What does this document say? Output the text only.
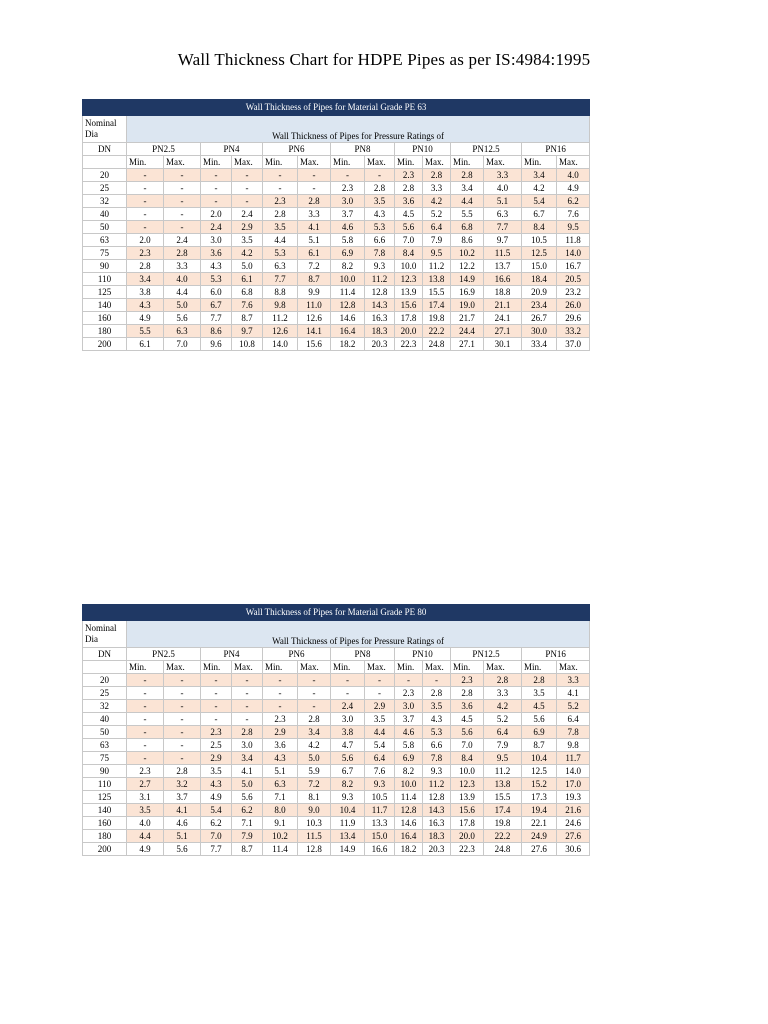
Wall Thickness Chart for HDPE Pipes as per IS:4984:1995
Wall Thickness of Pipes for Material Grade PE 63														
Nominal Dia	Wall Thickness of Pipes for Pressure Ratings of													
DN	PN2.5		PN4		PN6		PN8		PN10		PN12.5		PN16	
	Min.	Max.	Min.	Max.	Min.	Max.	Min.	Max.	Min.	Max.	Min.	Max.	Min.	Max.
20	-	-	-	-	-	-	-	-	2.3	2.8	2.8	3.3	3.4	4.0
25	-	-	-	-	-	-	2.3	2.8	2.8	3.3	3.4	4.0	4.2	4.9
32	-	-	-	-	2.3	2.8	3.0	3.5	3.6	4.2	4.4	5.1	5.4	6.2
40	-	-	2.0	2.4	2.8	3.3	3.7	4.3	4.5	5.2	5.5	6.3	6.7	7.6
50	-	-	2.4	2.9	3.5	4.1	4.6	5.3	5.6	6.4	6.8	7.7	8.4	9.5
63	2.0	2.4	3.0	3.5	4.4	5.1	5.8	6.6	7.0	7.9	8.6	9.7	10.5	11.8
75	2.3	2.8	3.6	4.2	5.3	6.1	6.9	7.8	8.4	9.5	10.2	11.5	12.5	14.0
90	2.8	3.3	4.3	5.0	6.3	7.2	8.2	9.3	10.0	11.2	12.2	13.7	15.0	16.7
110	3.4	4.0	5.3	6.1	7.7	8.7	10.0	11.2	12.3	13.8	14.9	16.6	18.4	20.5
125	3.8	4.4	6.0	6.8	8.8	9.9	11.4	12.8	13.9	15.5	16.9	18.8	20.9	23.2
140	4.3	5.0	6.7	7.6	9.8	11.0	12.8	14.3	15.6	17.4	19.0	21.1	23.4	26.0
160	4.9	5.6	7.7	8.7	11.2	12.6	14.6	16.3	17.8	19.8	21.7	24.1	26.7	29.6
180	5.5	6.3	8.6	9.7	12.6	14.1	16.4	18.3	20.0	22.2	24.4	27.1	30.0	33.2
200	6.1	7.0	9.6	10.8	14.0	15.6	18.2	20.3	22.3	24.8	27.1	30.1	33.4	37.0
Wall Thickness of Pipes for Material Grade PE 80														
Nominal Dia	Wall Thickness of Pipes for Pressure Ratings of													
DN	PN2.5		PN4		PN6		PN8		PN10		PN12.5		PN16	
	Min.	Max.	Min.	Max.	Min.	Max.	Min.	Max.	Min.	Max.	Min.	Max.	Min.	Max.
20	-	-	-	-	-	-	-	-	-	-	2.3	2.8	2.8	3.3
25	-	-	-	-	-	-	-	-	2.3	2.8	2.8	3.3	3.5	4.1
32	-	-	-	-	-	-	2.4	2.9	3.0	3.5	3.6	4.2	4.5	5.2
40	-	-	-	-	2.3	2.8	3.0	3.5	3.7	4.3	4.5	5.2	5.6	6.4
50	-	-	2.3	2.8	2.9	3.4	3.8	4.4	4.6	5.3	5.6	6.4	6.9	7.8
63	-	-	2.5	3.0	3.6	4.2	4.7	5.4	5.8	6.6	7.0	7.9	8.7	9.8
75	-	-	2.9	3.4	4.3	5.0	5.6	6.4	6.9	7.8	8.4	9.5	10.4	11.7
90	2.3	2.8	3.5	4.1	5.1	5.9	6.7	7.6	8.2	9.3	10.0	11.2	12.5	14.0
110	2.7	3.2	4.3	5.0	6.3	7.2	8.2	9.3	10.0	11.2	12.3	13.8	15.2	17.0
125	3.1	3.7	4.9	5.6	7.1	8.1	9.3	10.5	11.4	12.8	13.9	15.5	17.3	19.3
140	3.5	4.1	5.4	6.2	8.0	9.0	10.4	11.7	12.8	14.3	15.6	17.4	19.4	21.6
160	4.0	4.6	6.2	7.1	9.1	10.3	11.9	13.3	14.6	16.3	17.8	19.8	22.1	24.6
180	4.4	5.1	7.0	7.9	10.2	11.5	13.4	15.0	16.4	18.3	20.0	22.2	24.9	27.6
200	4.9	5.6	7.7	8.7	11.4	12.8	14.9	16.6	18.2	20.3	22.3	24.8	27.6	30.6
